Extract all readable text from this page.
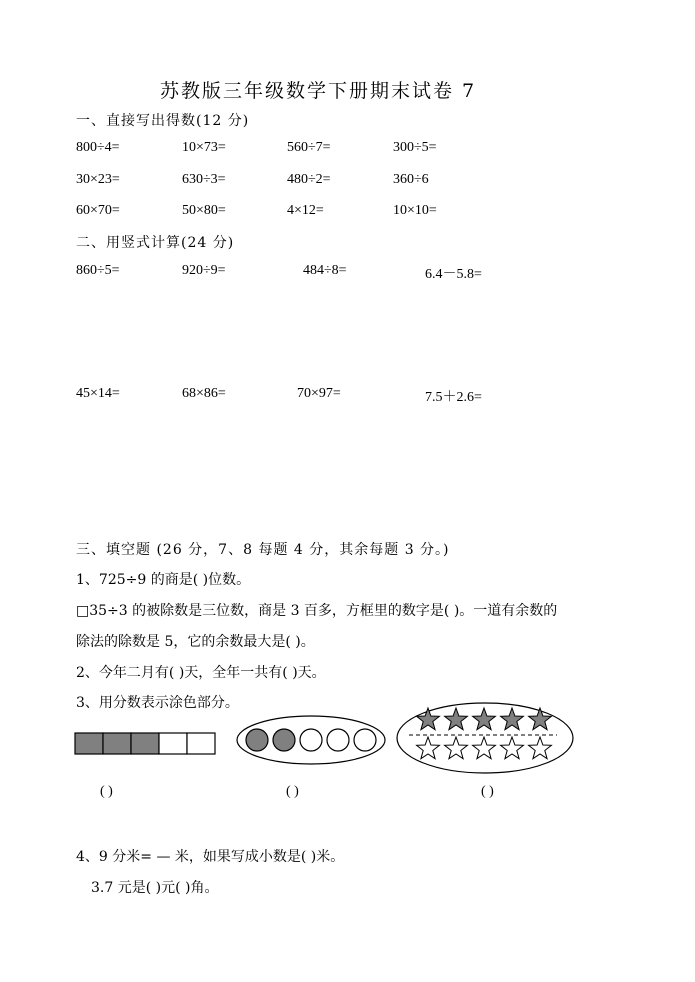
苏教版三年级数学下册期末试卷 7
一、直接写出得数(12 分)
800÷4=	10×73=	560÷7=	300÷5=
30×23=	630÷3=	480÷2=	360÷6
60×70=	50×80=	4×12=	10×10=
二、用竖式计算(24 分)
860÷5=	920÷9=	484÷8=	6.4－5.8=
45×14=	68×86=	70×97=	7.5＋2.6=
三、填空题 (26 分，7、8 每题 4 分，其余每题 3 分。)
1、725÷9 的商是( )位数。
□35÷3 的被除数是三位数，商是 3 百多，方框里的数字是( )。一道有余数的
除法的除数是 5，它的余数最大是( )。
2、今年二月有( )天，全年一共有( )天。
3、用分数表示涂色部分。
( )	( )	( )
4、9 分米= — 米，如果写成小数是( )米。
3.7 元是( )元( )角。
